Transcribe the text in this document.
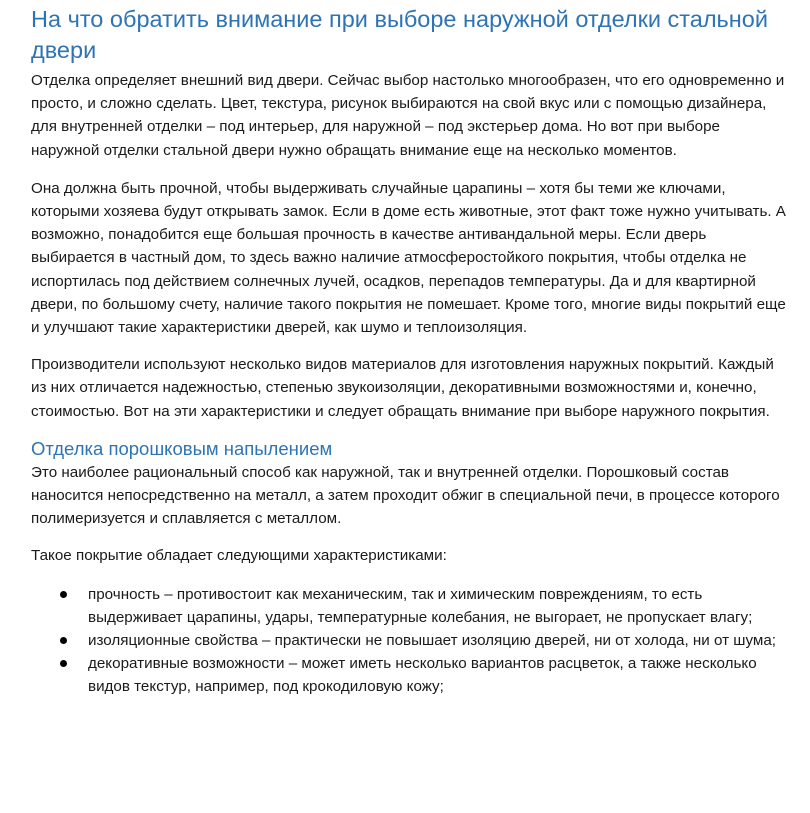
На что обратить внимание при выборе наружной отделки стальной двери

Отделка определяет внешний вид двери. Сейчас выбор настолько многообразен, что его одновременно и просто, и сложно сделать. Цвет, текстура, рисунок выбираются на свой вкус или с помощью дизайнера, для внутренней отделки – под интерьер, для наружной – под экстерьер дома. Но вот при выборе наружной отделки стальной двери нужно обращать внимание еще на несколько моментов.

Она должна быть прочной, чтобы выдерживать случайные царапины – хотя бы теми же ключами, которыми хозяева будут открывать замок. Если в доме есть животные, этот факт тоже нужно учитывать. А возможно, понадобится еще большая прочность в качестве антивандальной меры. Если дверь выбирается в частный дом, то здесь важно наличие атмосферостойкого покрытия, чтобы отделка не испортилась под действием солнечных лучей, осадков, перепадов температуры. Да и для квартирной двери, по большому счету, наличие такого покрытия не помешает. Кроме того, многие виды покрытий еще и улучшают такие характеристики дверей, как шумо и теплоизоляция.

Производители используют несколько видов материалов для изготовления наружных покрытий. Каждый из них отличается надежностью, степенью звукоизоляции, декоративными возможностями и, конечно, стоимостью. Вот на эти характеристики и следует обращать внимание при выборе наружного покрытия.

Отделка порошковым напылением

Это наиболее рациональный способ как наружной, так и внутренней отделки. Порошковый состав наносится непосредственно на металл, а затем проходит обжиг в специальной печи, в процессе которого полимеризуется и сплавляется с металлом.

Такое покрытие обладает следующими характеристиками:

прочность – противостоит как механическим, так и химическим повреждениям, то есть выдерживает царапины, удары, температурные колебания, не выгорает, не пропускает влагу;
изоляционные свойства – практически не повышает изоляцию дверей, ни от холода, ни от шума;
декоративные возможности – может иметь несколько вариантов расцветок, а также несколько видов текстур, например, под крокодиловую кожу;
